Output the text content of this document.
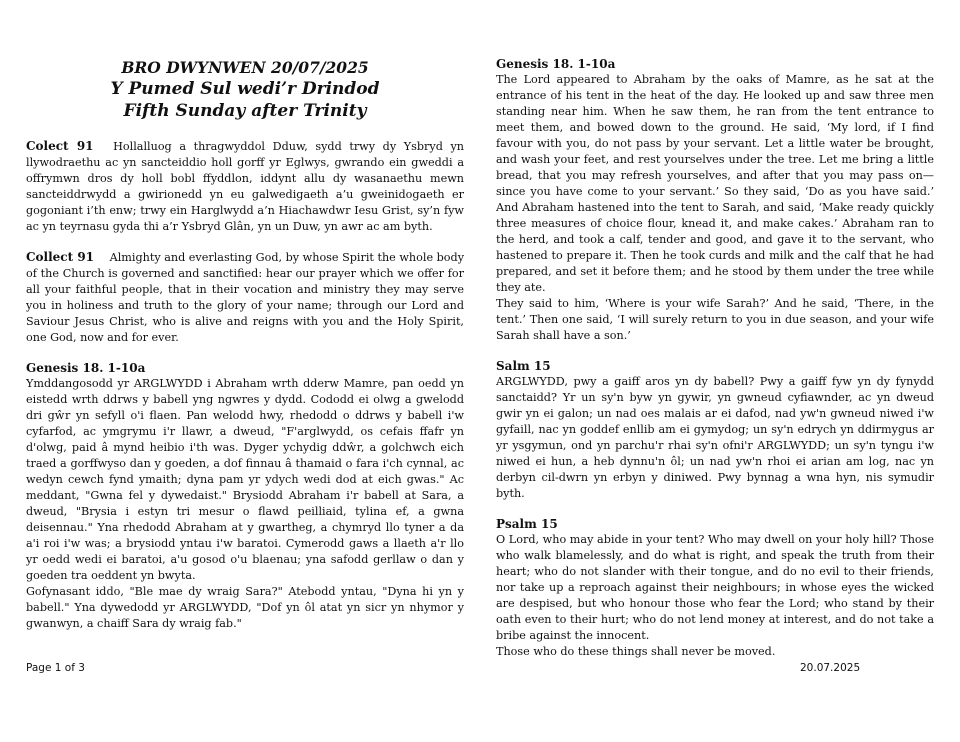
BRO DWYNWEN 20/07/2025

Y Pumed Sul wedi’r Drindod

Fifth Sunday after Trinity

Colect 91 Hollalluog a thragwyddol Dduw, sydd trwy dy Ysbryd yn llywodraethu ac yn sancteiddio holl gorff yr Eglwys, gwrando ein gweddi a offrymwn dros dy holl bobl ffyddlon, iddynt allu dy wasanaethu mewn sancteiddrwydd a gwirionedd yn eu galwedigaeth a’u gweinidogaeth er gogoniant i’th enw; trwy ein Harglwydd a’n Hiachawdwr Iesu Grist, sy’n fyw ac yn teyrnasu gyda thi a’r Ysbryd Glân, yn un Duw, yn awr ac am byth.

Collect 91 Almighty and everlasting God, by whose Spirit the whole body of the Church is governed and sanctified: hear our prayer which we offer for all your faithful people, that in their vocation and ministry they may serve you in holiness and truth to the glory of your name; through our Lord and Saviour Jesus Christ, who is alive and reigns with you and the Holy Spirit, one God, now and for ever.

Genesis 18. 1-10a

Ymddangosodd yr ARGLWYDD i Abraham wrth dderw Mamre, pan oedd yn eistedd wrth ddrws y babell yng ngwres y dydd. Cododd ei olwg a gwelodd dri gŵr yn sefyll o'i flaen. Pan welodd hwy, rhedodd o ddrws y babell i'w cyfarfod, ac ymgrymu i'r llawr, a dweud, "F'arglwydd, os cefais ffafr yn d'olwg, paid â mynd heibio i'th was. Dyger ychydig ddŵr, a golchwch eich traed a gorffwyso dan y goeden, a dof finnau â thamaid o fara i'ch cynnal, ac wedyn cewch fynd ymaith; dyna pam yr ydych wedi dod at eich gwas." Ac meddant, "Gwna fel y dywedaist." Brysiodd Abraham i'r babell at Sara, a dweud, "Brysia i estyn tri mesur o flawd peilliaid, tylina ef, a gwna deisennau." Yna rhedodd Abraham at y gwartheg, a chymryd llo tyner a da a'i roi i'w was; a brysiodd yntau i'w baratoi. Cymerodd gaws a llaeth a'r llo yr oedd wedi ei baratoi, a'u gosod o'u blaenau; yna safodd gerllaw o dan y goeden tra oeddent yn bwyta.

Gofynasant iddo, "Ble mae dy wraig Sara?" Atebodd yntau, "Dyna hi yn y babell." Yna dywedodd yr ARGLWYDD, "Dof yn ôl atat yn sicr yn nhymor y gwanwyn, a chaiff Sara dy wraig fab."

Genesis 18. 1-10a

The Lord appeared to Abraham by the oaks of Mamre, as he sat at the entrance of his tent in the heat of the day. He looked up and saw three men standing near him. When he saw them, he ran from the tent entrance to meet them, and bowed down to the ground. He said, ‘My lord, if I find favour with you, do not pass by your servant. Let a little water be brought, and wash your feet, and rest yourselves under the tree. Let me bring a little bread, that you may refresh yourselves, and after that you may pass on—since you have come to your servant.’ So they said, ‘Do as you have said.’ And Abraham hastened into the tent to Sarah, and said, ‘Make ready quickly three measures of choice flour, knead it, and make cakes.’ Abraham ran to the herd, and took a calf, tender and good, and gave it to the servant, who hastened to prepare it. Then he took curds and milk and the calf that he had prepared, and set it before them; and he stood by them under the tree while they ate.

They said to him, ‘Where is your wife Sarah?’ And he said, ‘There, in the tent.’ Then one said, ‘I will surely return to you in due season, and your wife Sarah shall have a son.’

Salm 15

ARGLWYDD, pwy a gaiff aros yn dy babell? Pwy a gaiff fyw yn dy fynydd sanctaidd? Yr un sy'n byw yn gywir, yn gwneud cyfiawnder, ac yn dweud gwir yn ei galon; un nad oes malais ar ei dafod, nad yw'n gwneud niwed i'w gyfaill, nac yn goddef enllib am ei gymydog; un sy'n edrych yn ddirmygus ar yr ysgymun, ond yn parchu'r rhai sy'n ofni'r ARGLWYDD; un sy'n tyngu i'w niwed ei hun, a heb dynnu'n ôl; un nad yw'n rhoi ei arian am log, nac yn derbyn cil-dwrn yn erbyn y diniwed. Pwy bynnag a wna hyn, nis symudir byth.

Psalm 15

O Lord, who may abide in your tent? Who may dwell on your holy hill? Those who walk blamelessly, and do what is right, and speak the truth from their heart; who do not slander with their tongue, and do no evil to their friends, nor take up a reproach against their neighbours; in whose eyes the wicked are despised, but who honour those who fear the Lord; who stand by their oath even to their hurt; who do not lend money at interest, and do not take a bribe against the innocent.

Those who do these things shall never be moved.

Page 1 of 3	20.07.2025
